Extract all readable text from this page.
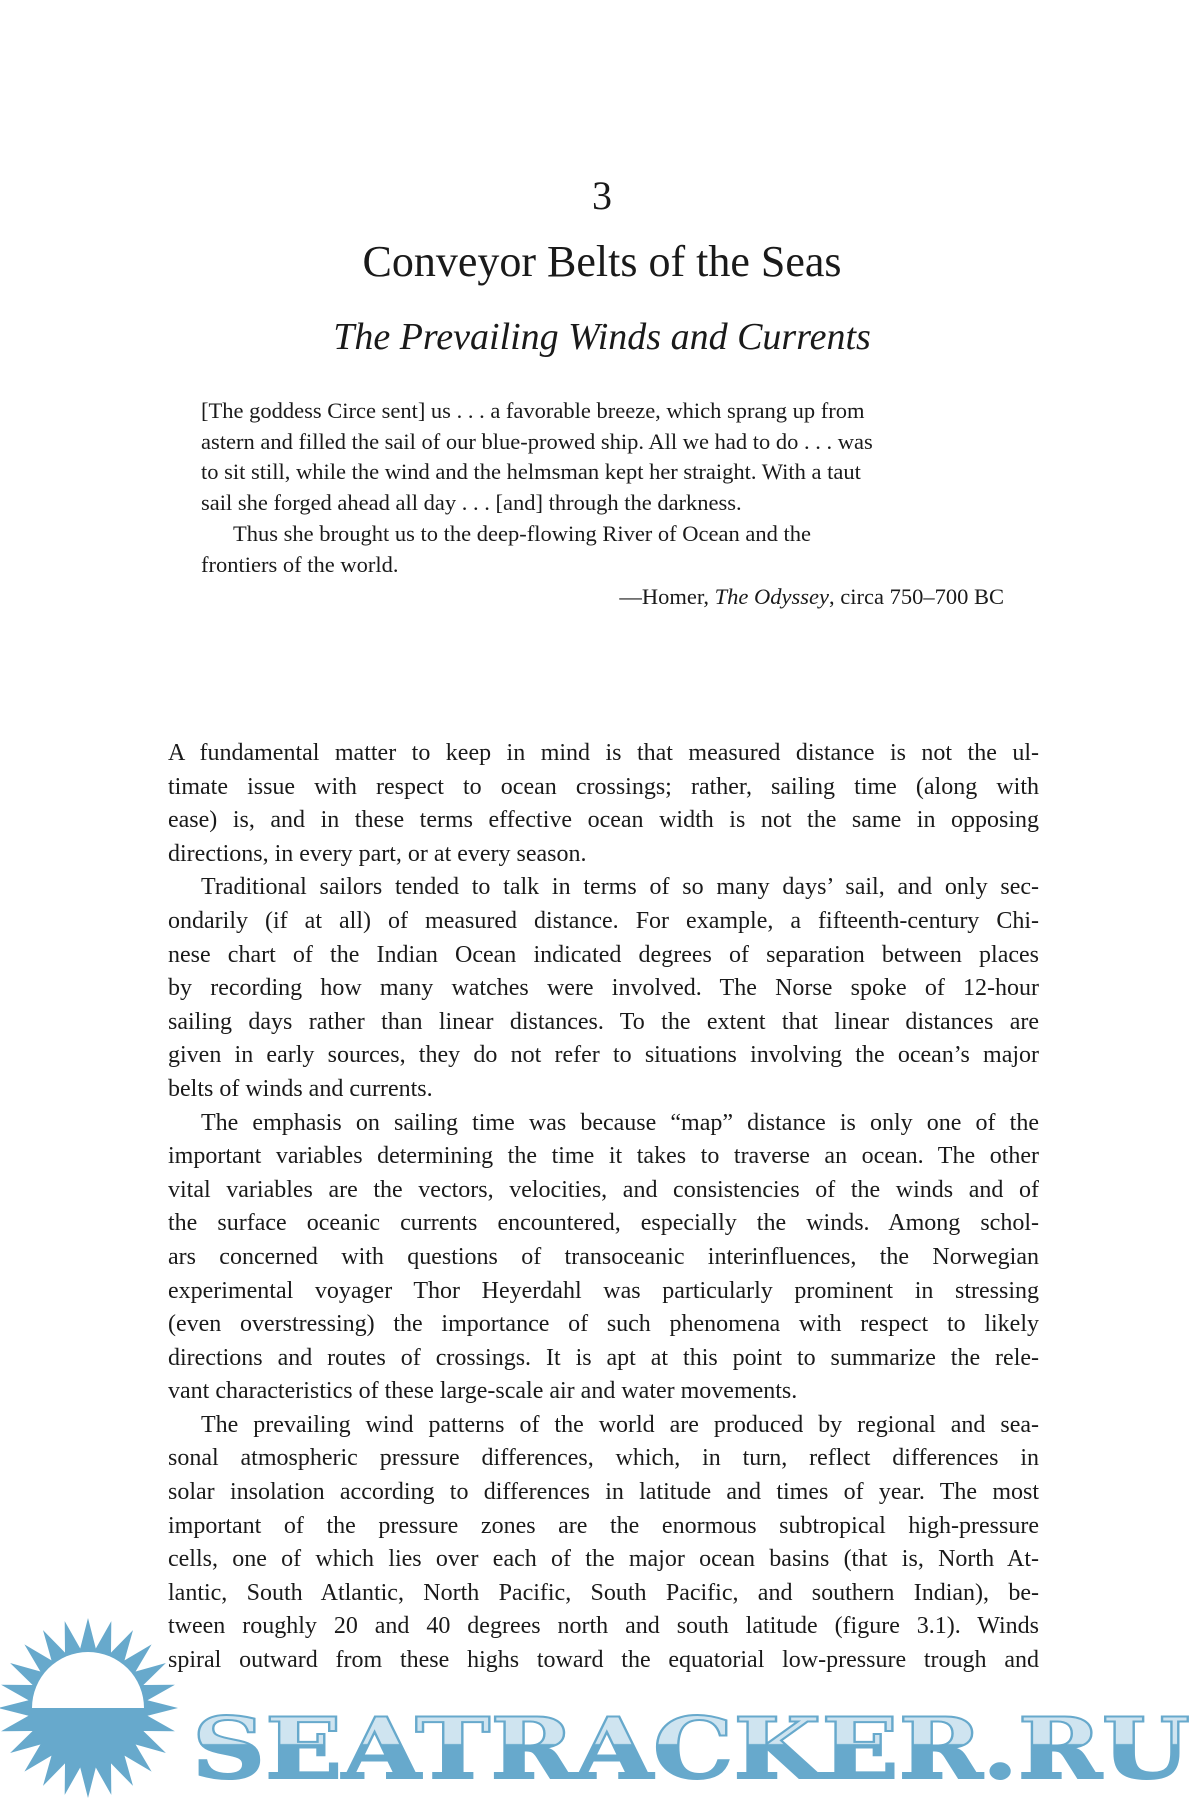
3
Conveyor Belts of the Seas
The Prevailing Winds and Currents
[The goddess Circe sent] us . . . a favorable breeze, which sprang up from
astern and filled the sail of our blue-prowed ship. All we had to do . . . was
to sit still, while the wind and the helmsman kept her straight. With a taut
sail she forged ahead all day . . . [and] through the darkness.
Thus she brought us to the deep-flowing River of Ocean and the
frontiers of the world.
—Homer, The Odyssey, circa 750–700 BC
A fundamental matter to keep in mind is that measured distance is not the ul-
timate issue with respect to ocean crossings; rather, sailing time (along with
ease) is, and in these terms effective ocean width is not the same in opposing
directions, in every part, or at every season.
Traditional sailors tended to talk in terms of so many days’ sail, and only sec-
ondarily (if at all) of measured distance. For example, a fifteenth-century Chi-
nese chart of the Indian Ocean indicated degrees of separation between places
by recording how many watches were involved. The Norse spoke of 12-hour
sailing days rather than linear distances. To the extent that linear distances are
given in early sources, they do not refer to situations involving the ocean’s major
belts of winds and currents.
The emphasis on sailing time was because “map” distance is only one of the
important variables determining the time it takes to traverse an ocean. The other
vital variables are the vectors, velocities, and consistencies of the winds and of
the surface oceanic currents encountered, especially the winds. Among schol-
ars concerned with questions of transoceanic interinfluences, the Norwegian
experimental voyager Thor Heyerdahl was particularly prominent in stressing
(even overstressing) the importance of such phenomena with respect to likely
directions and routes of crossings. It is apt at this point to summarize the rele-
vant characteristics of these large-scale air and water movements.
The prevailing wind patterns of the world are produced by regional and sea-
sonal atmospheric pressure differences, which, in turn, reflect differences in
solar insolation according to differences in latitude and times of year. The most
important of the pressure zones are the enormous subtropical high-pressure
cells, one of which lies over each of the major ocean basins (that is, North At-
lantic, South Atlantic, North Pacific, South Pacific, and southern Indian), be-
tween roughly 20 and 40 degrees north and south latitude (figure 3.1). Winds
spiral outward from these highs toward the equatorial low-pressure trough and
SEATRACKER.RU
